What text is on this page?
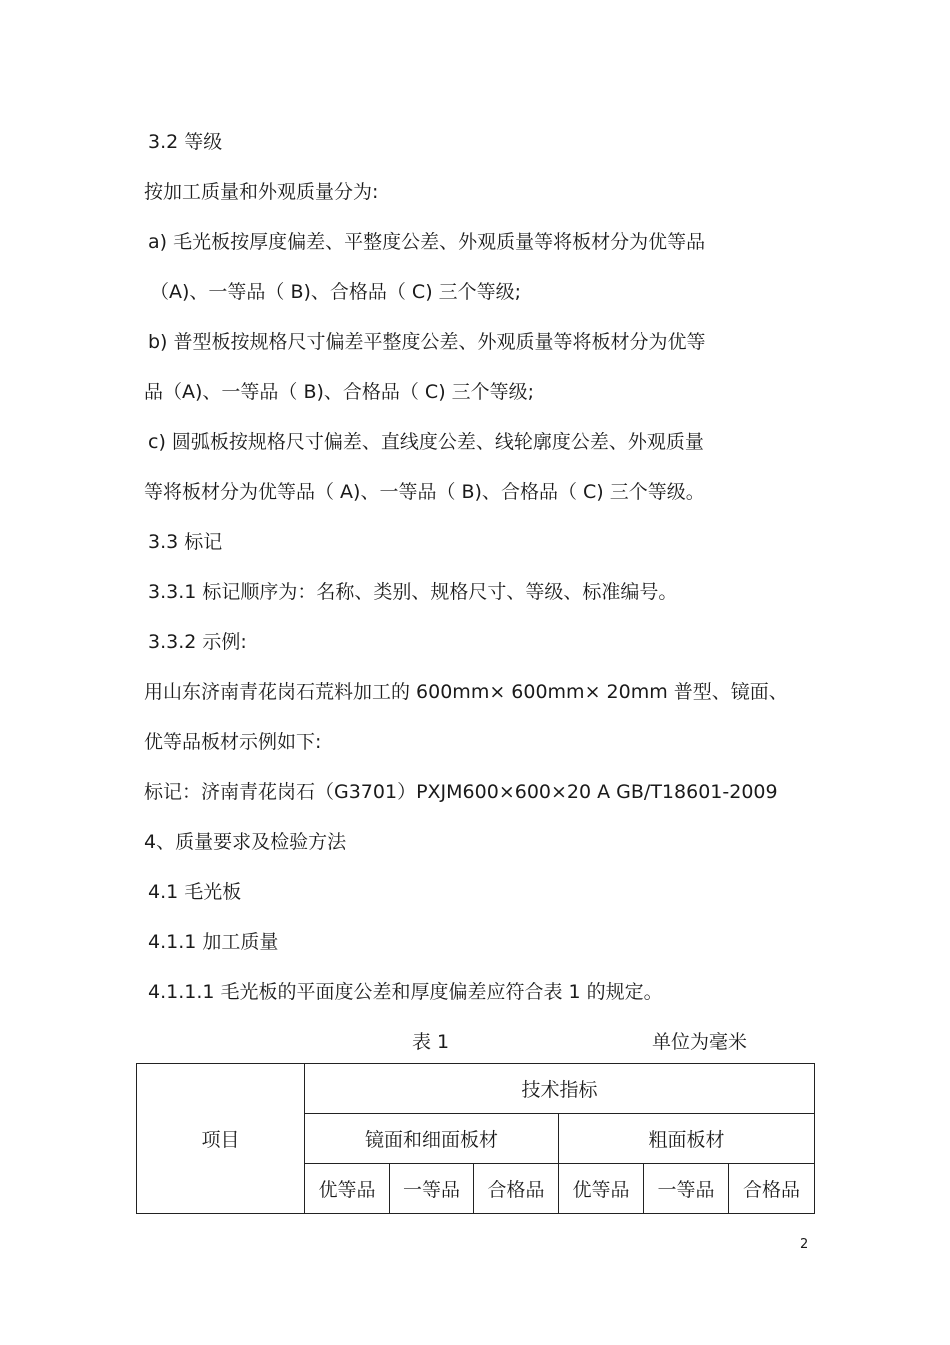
3.2 等级
按加工质量和外观质量分为:
a) 毛光板按厚度偏差、平整度公差、外观质量等将板材分为优等品
（A)、一等品（ B)、合格品（ C) 三个等级;
b) 普型板按规格尺寸偏差平整度公差、外观质量等将板材分为优等
品（A)、一等品（ B)、合格品（ C) 三个等级;
c) 圆弧板按规格尺寸偏差、直线度公差、线轮廓度公差、外观质量
等将板材分为优等品（ A)、一等品（ B)、合格品（ C) 三个等级。
3.3 标记
3.3.1 标记顺序为：名称、类别、规格尺寸、等级、标准编号。
3.3.2 示例:
用山东济南青花岗石荒料加工的 600mm× 600mm× 20mm 普型、镜面、
优等品板材示例如下:
标记：济南青花岗石（G3701）PXJM600×600×20 A GB/T18601-2009
4、质量要求及检验方法
4.1 毛光板
4.1.1 加工质量
4.1.1.1 毛光板的平面度公差和厚度偏差应符合表 1 的规定。
表 1	单位为毫米
项目	技术指标					
	镜面和细面板材			粗面板材		
	优等品	一等品	合格品	优等品	一等品	合格品
2
